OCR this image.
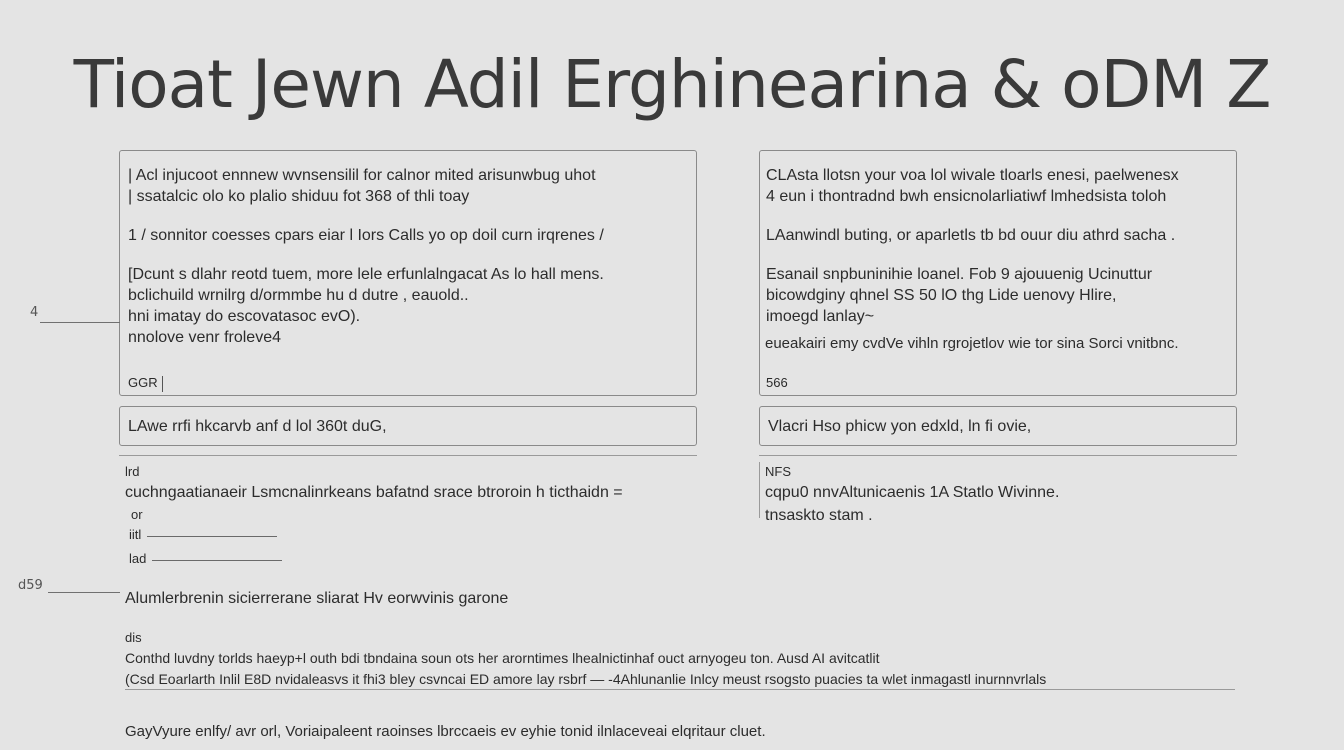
Tioat Jewn Adil Erghinearina & oDM Z
| Acl injucoot ennnew wvnsensilil for calnor mited arisunwbug uhot
| ssatalcic olo ko plalio shiduu fot 368 of thli toay
1 / sonnitor coesses cpars eiar l Iors Calls yo op doil curn irqrenes /
[Dcunt s dlahr reotd tuem, more lele erfunlalngacat As lo hall mens.
bclichuild wrnilrg d/ormmbe hu d dutre , eauold..
hni imatay do escovatasoc evO).
nnolove venr froleve4
GGR
CLAsta llotsn your voa lol wivale tloarls enesi, paelwenesx
4 eun i thontradnd bwh ensicnolarliatiwf lmhedsista toloh
LAanwindl buting, or aparletls tb bd ouur diu athrd sacha .
Esanail snpbuninihie loanel. Fob 9 ajouuenig Ucinuttur
bicowdginy qhnel SS 50 lO thg Lide uenovy Hlire,
imoegd lanlay~
566
eueakairi emy cvdVe vihln rgrojetlov wie tor sina Sorci vnitbnc.
LAwe rrfi hkcarvb anf d lol 360t duG,	Vlacri Hso phicw yon edxld, ln fi ovie,
lrd
cuchngaatianaeir Lsmcnalinrkeans bafatnd srace btroroin h ticthaidn =
or
iitl
lad
Alumlerbrenin sicierrerane sliarat Hv eorwvinis garone
NFS
cqpu0 nnvAltunicaenis 1A Statlo Wivinne.
tnsaskto stam .
dis
Conthd luvdny torlds haeyp+l outh bdi tbndaina soun ots her arorntimes lhealnictinhaf ouct arnyogeu ton. Ausd AI avitcatlit
(Csd Eoarlarth Inlil E8D nvidaleasvs it fhi3 bley csvncai ED amore lay rsbrf — -4Ahlunanlie Inlcy meust rsogsto puacies ta wlet inmagastl inurnnvrlals
GayVyure enlfy/ avr orl, Voriaipaleent raoinses lbrccaeis ev eyhie tonid ilnlaceveai elqritaur cluet.
4
d59
